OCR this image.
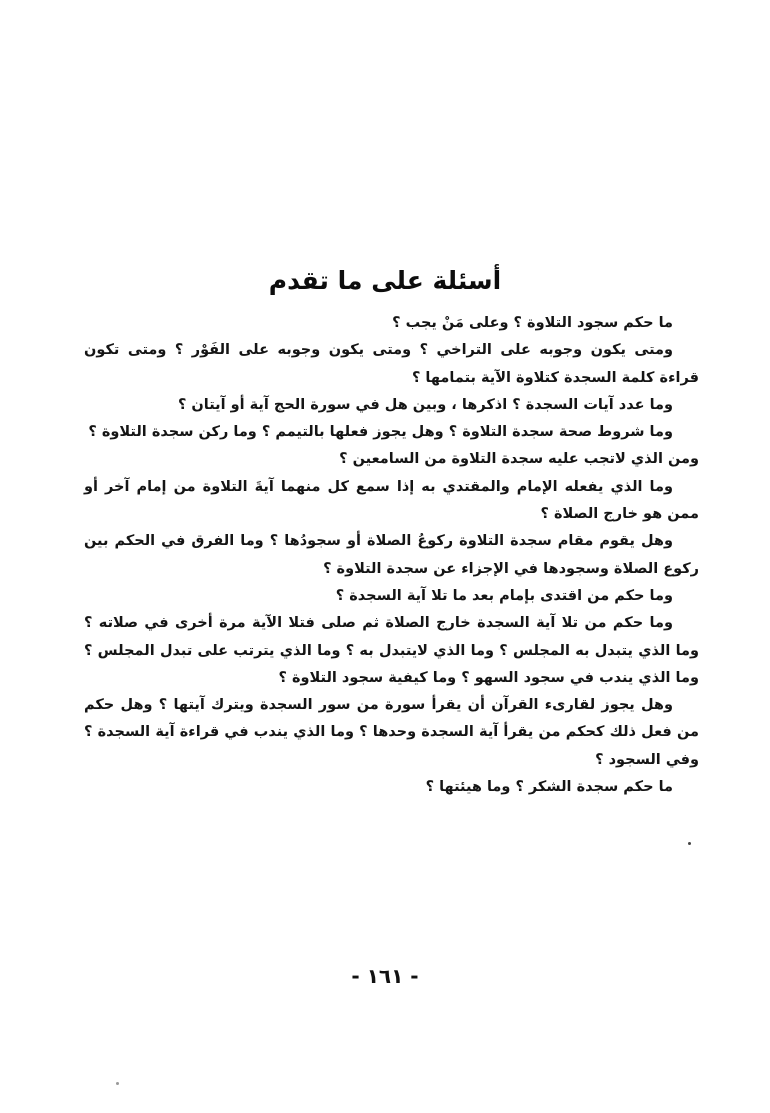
أسئلة على ما تقدم

ما حكم سجود التلاوة ؟ وعلى مَنْ يجب ؟

ومتى يكون وجوبه على التراخي ؟ ومتى يكون وجوبه على الفَوْر ؟ ومتى تكون قراءة كلمة السجدة كتلاوة الآية بتمامها ؟

وما عدد آيات السجدة ؟ اذكرها ، وبين هل في سورة الحج آية أو آيتان ؟

وما شروط صحة سجدة التلاوة ؟ وهل يجوز فعلها بالتيمم ؟ وما ركن سجدة التلاوة ؟

ومن الذي لاتجب عليه سجدة التلاوة من السامعين ؟

وما الذي يفعله الإمام والمقتدي به إذا سمع كل منهما آيةَ التلاوة من إمام آخر أو ممن هو خارج الصلاة ؟

وهل يقوم مقام سجدة التلاوة ركوعُ الصلاة أو سجودُها ؟ وما الفرق في الحكم بين ركوع الصلاة وسجودها في الإجزاء عن سجدة التلاوة ؟

وما حكم من اقتدى بإمام بعد ما تلا آية السجدة ؟

وما حكم من تلا آية السجدة خارج الصلاة ثم صلى فتلا الآية مرة أخرى في صلاته ؟ وما الذي يتبدل به المجلس ؟ وما الذي لايتبدل به ؟ وما الذي يترتب على تبدل المجلس ؟ وما الذي يندب في سجود السهو ؟ وما كيفية سجود التلاوة ؟

وهل يجوز لقارىء القرآن أن يقرأ سورة من سور السجدة ويترك آيتها ؟ وهل حكم من فعل ذلك كحكم من يقرأ آية السجدة وحدها ؟ وما الذي يندب في قراءة آية السجدة ؟ وفي السجود ؟

ما حكم سجدة الشكر ؟ وما هيئتها ؟

- ١٦١ -
